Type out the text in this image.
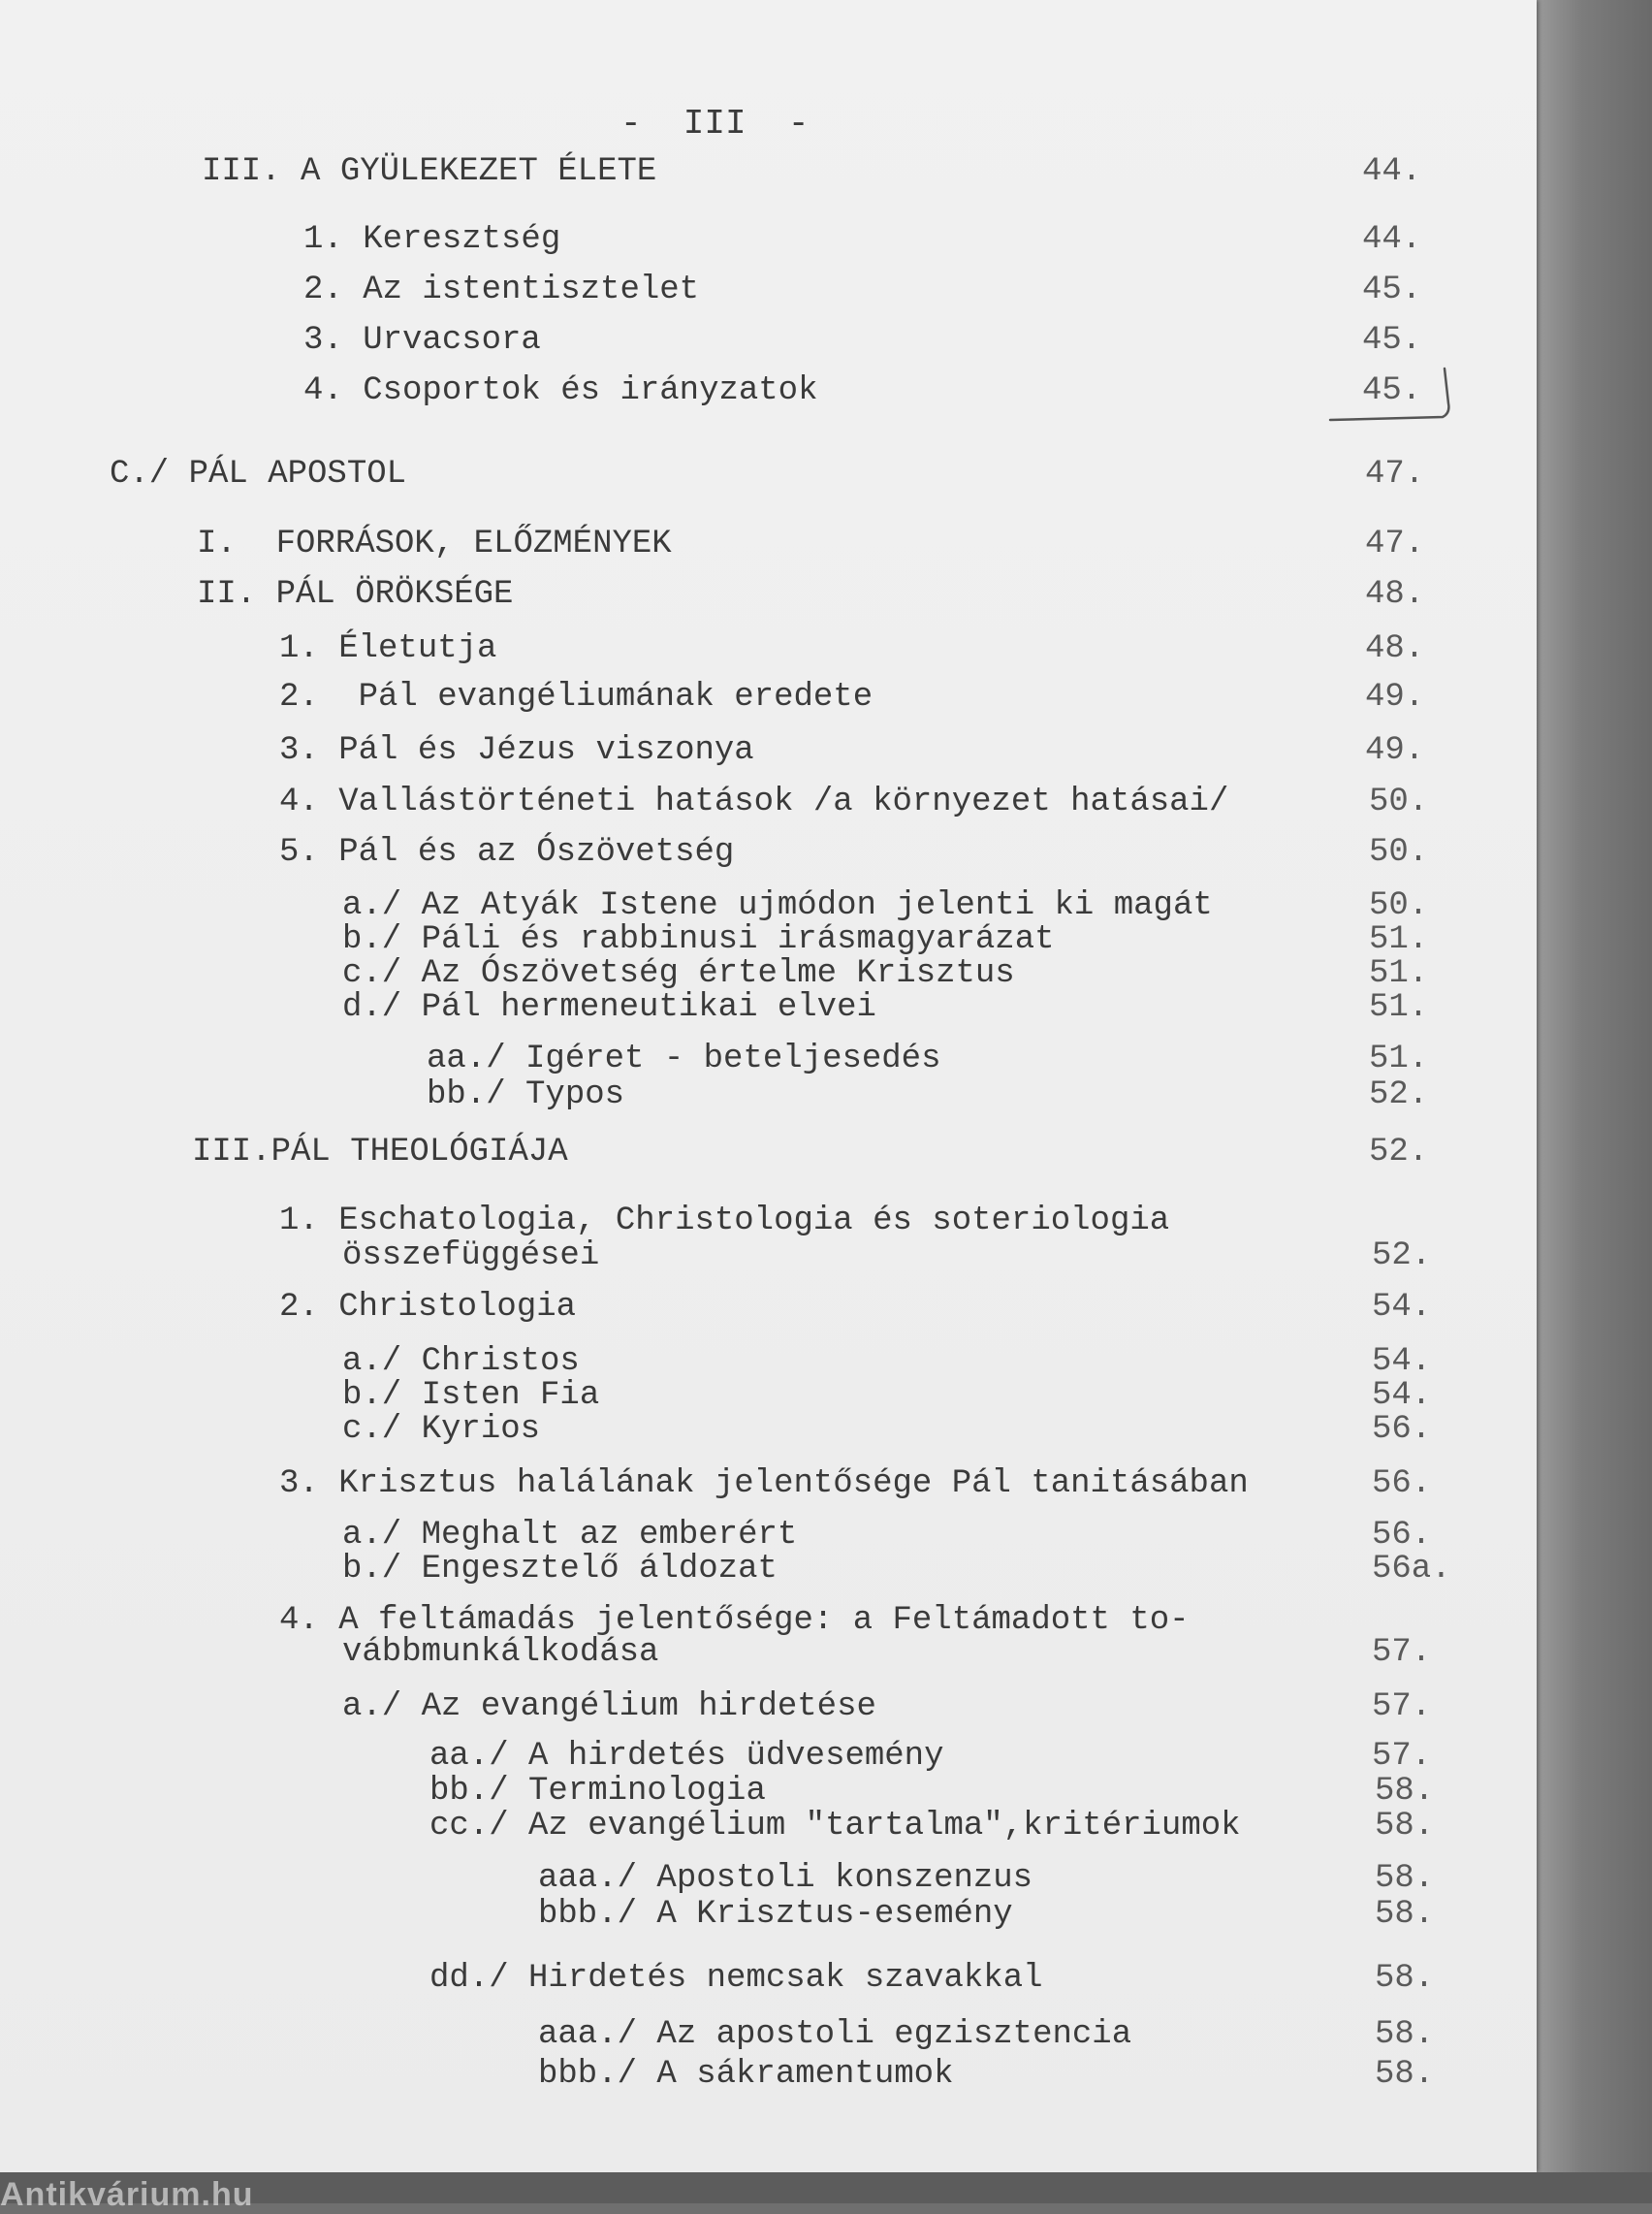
Antikvárium.hu
-  III  -
III. A GYÜLEKEZET ÉLETE	44.
1. Keresztség	44.
2. Az istentisztelet	45.
3. Urvacsora	45.
4. Csoportok és irányzatok	45.
C./ PÁL APOSTOL	47.
I.  FORRÁSOK, ELŐZMÉNYEK	47.
II. PÁL ÖRÖKSÉGE	48.
1. Életutja	48.
2.  Pál evangéliumának eredete	49.
3. Pál és Jézus viszonya	49.
4. Vallástörténeti hatások /a környezet hatásai/	50.
5. Pál és az Ószövetség	50.
a./ Az Atyák Istene ujmódon jelenti ki magát	50.
b./ Páli és rabbinusi irásmagyarázat	51.
c./ Az Ószövetség értelme Krisztus	51.
d./ Pál hermeneutikai elvei	51.
aa./ Igéret - beteljesedés	51.
bb./ Typos	52.
III.PÁL THEOLÓGIÁJA	52.
1. Eschatologia, Christologia és soteriologia
összefüggései	52.
2. Christologia	54.
a./ Christos	54.
b./ Isten Fia	54.
c./ Kyrios	56.
3. Krisztus halálának jelentősége Pál tanitásában	56.
a./ Meghalt az emberért	56.
b./ Engesztelő áldozat	56a.
4. A feltámadás jelentősége: a Feltámadott to-
vábbmunkálkodása	57.
a./ Az evangélium hirdetése	57.
aa./ A hirdetés üdvesemény	57.
bb./ Terminologia	58.
cc./ Az evangélium "tartalma",kritériumok	58.
aaa./ Apostoli konszenzus	58.
bbb./ A Krisztus-esemény	58.
dd./ Hirdetés nemcsak szavakkal	58.
aaa./ Az apostoli egzisztencia	58.
bbb./ A sákramentumok	58.
